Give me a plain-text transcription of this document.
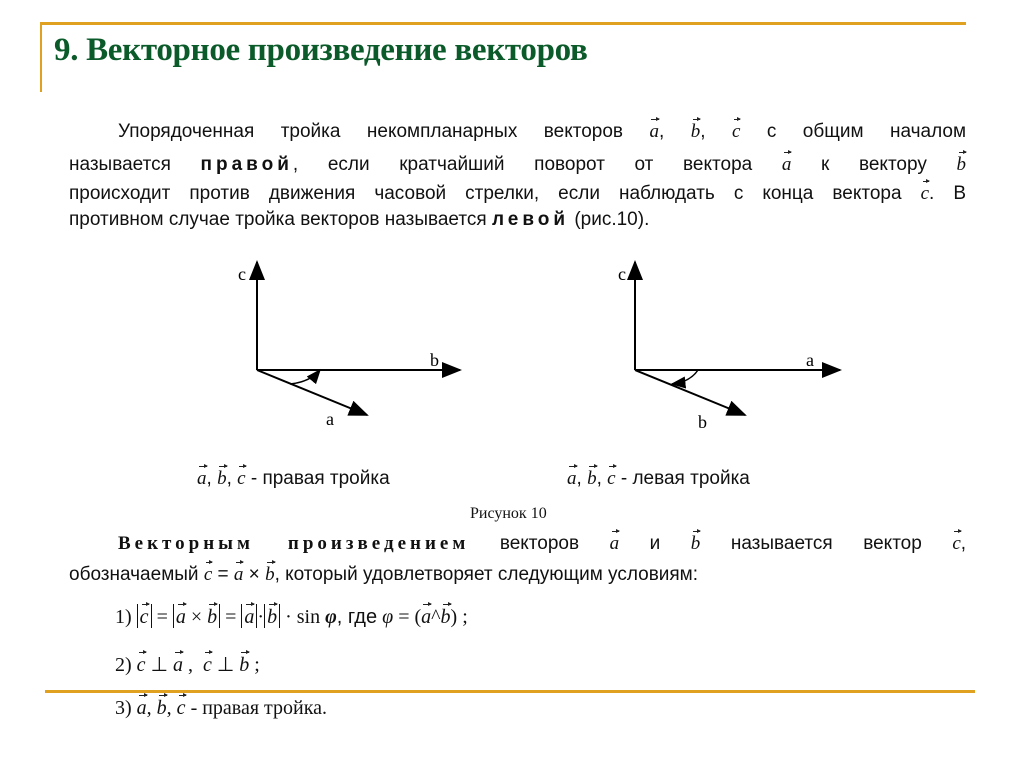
9. Векторное произведение векторов
Упорядоченная тройка некомпланарных векторов a, b, c с общим началом
называется правой, если кратчайший поворот от вектора a к вектору b
происходит против движения часовой стрелки, если наблюдать с конца вектора c. В
противном случае тройка векторов называется левой (рис.10).
c
b
a
c
a
b
a, b, c - правая тройка	a, b, c - левая тройка
Рисунок 10
Векторным произведением векторов a и b называется вектор c,
обозначаемый c = a × b, который удовлетворяет следующим условиям:
1) c = a × b = a · b · sin φ, где φ = (a^b) ;
2) c ⊥ a ,  c ⊥ b ;
3) a, b, c - правая тройка.
